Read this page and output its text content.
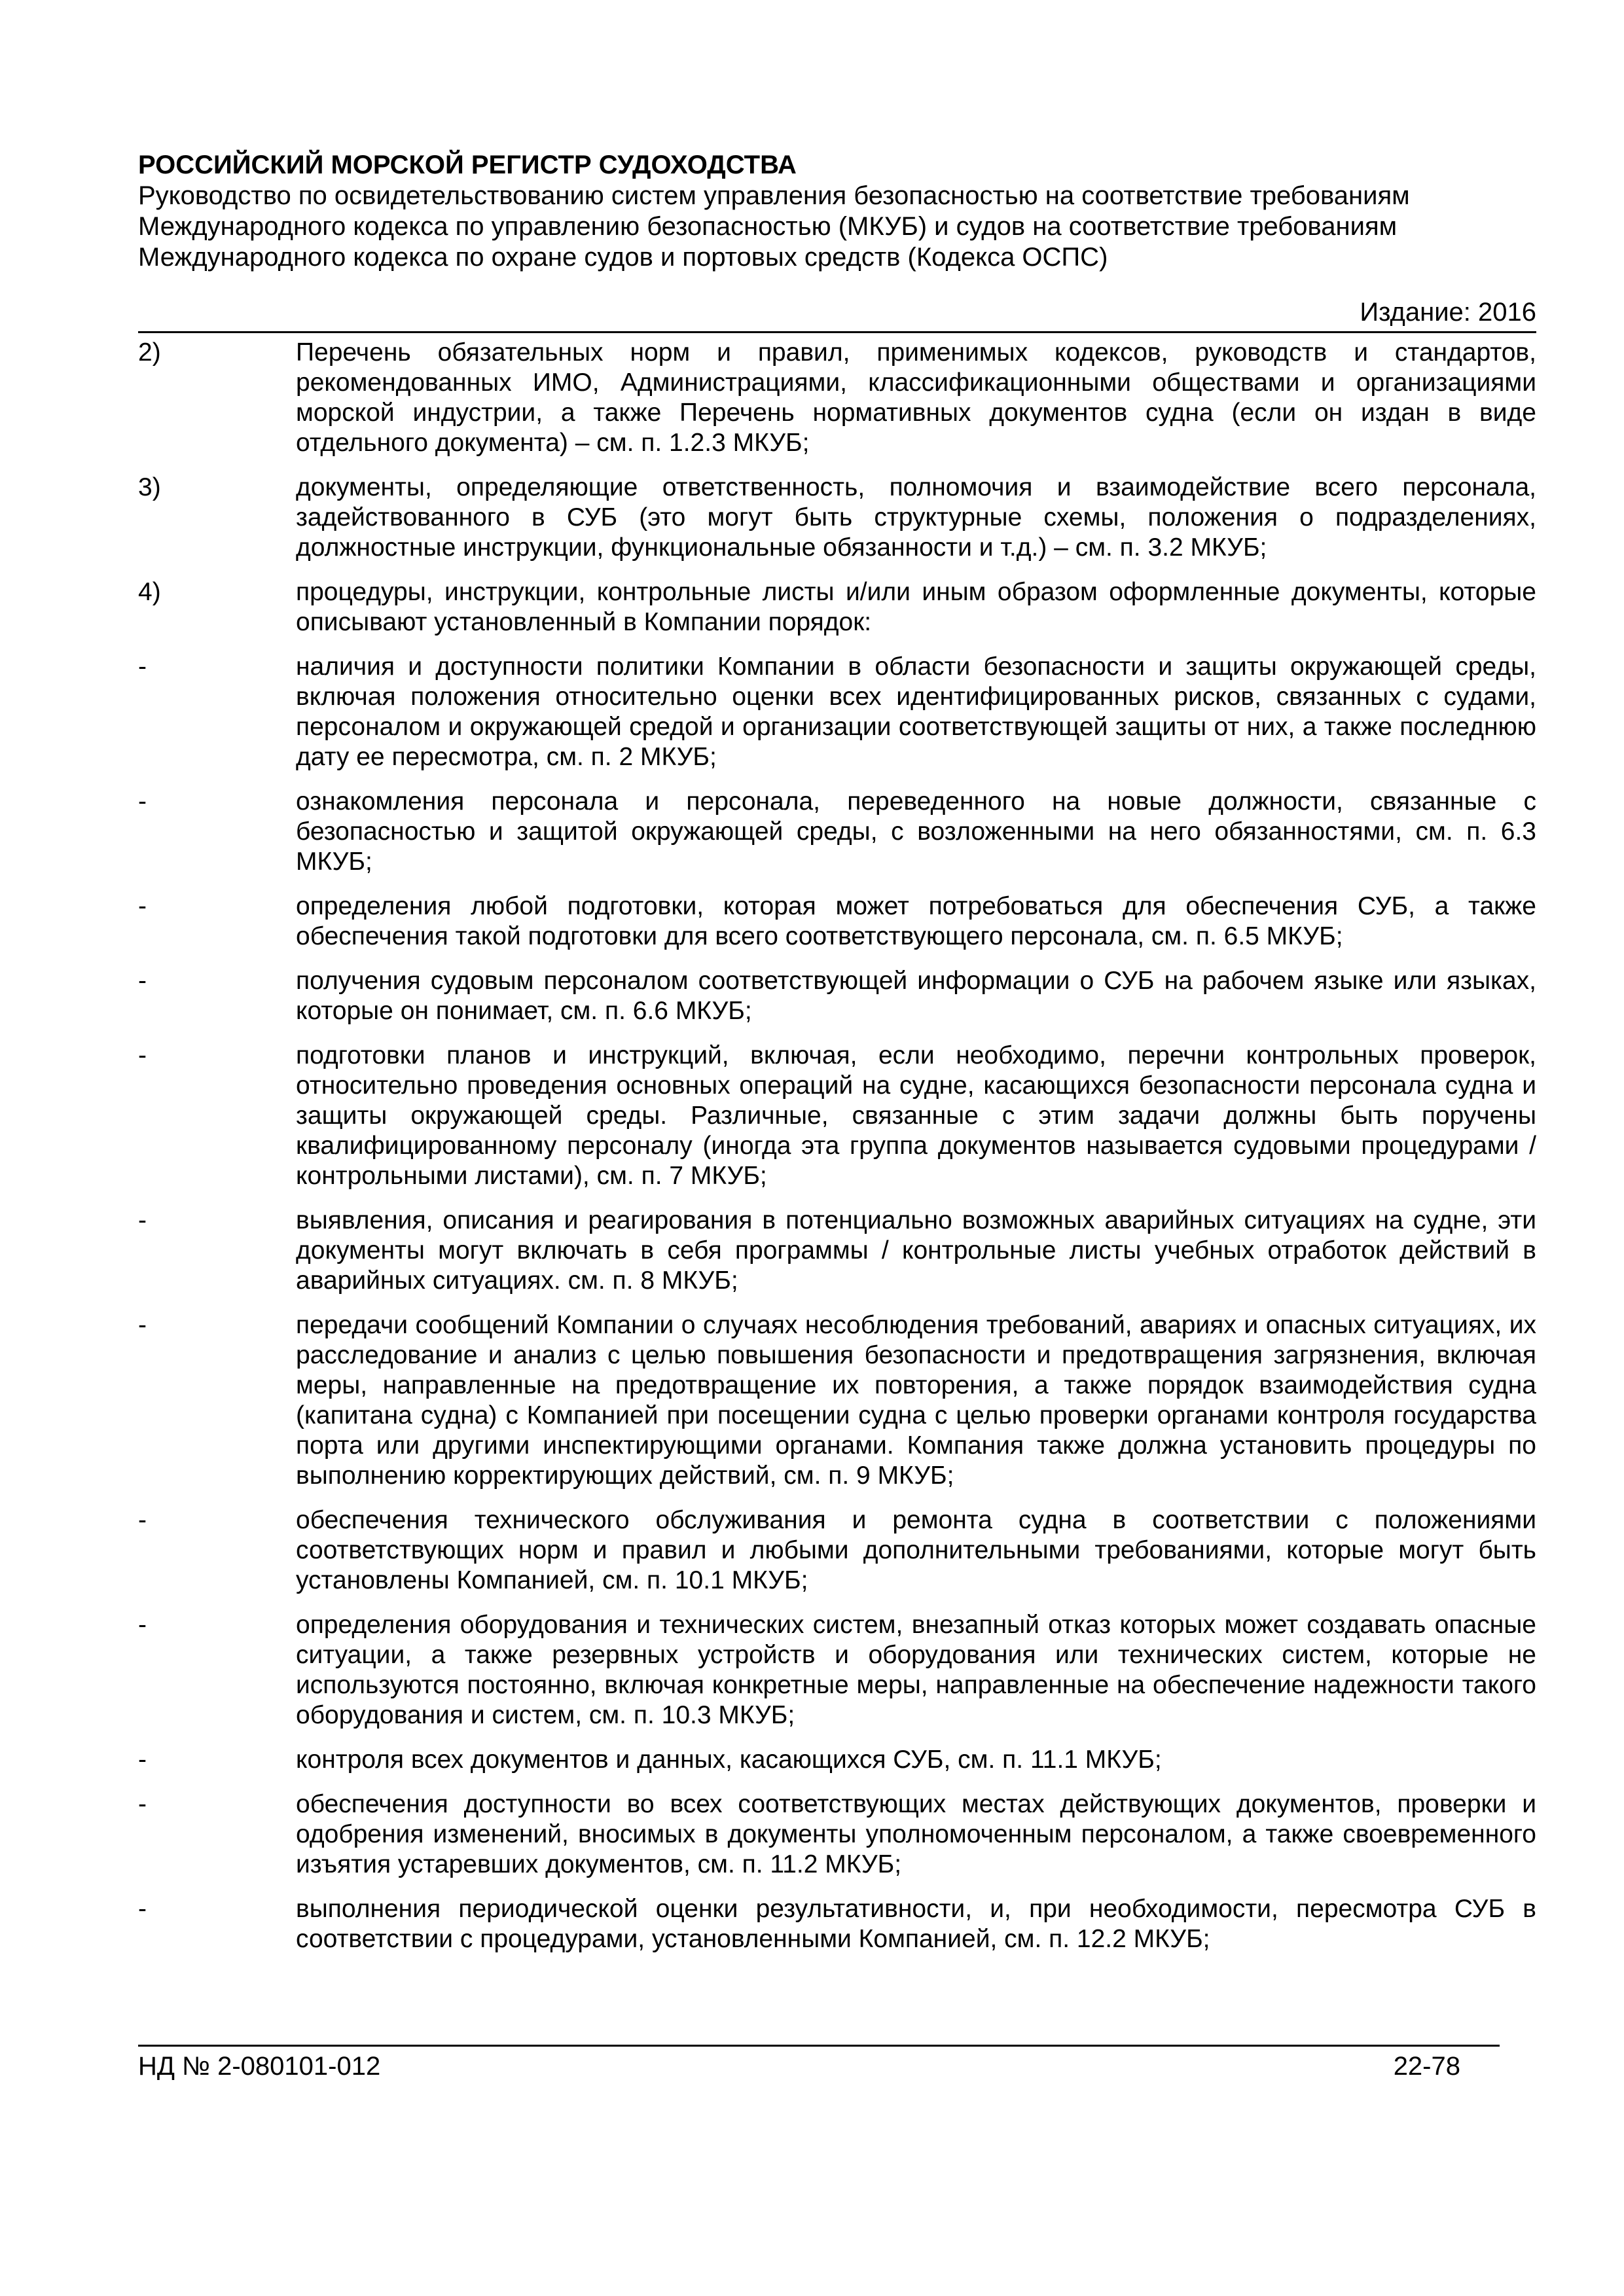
РОССИЙСКИЙ МОРСКОЙ РЕГИСТР СУДОХОДСТВА

Руководство по освидетельствованию систем управления безопасностью на соответствие требованиям

Международного кодекса по управлению безопасностью (МКУБ) и судов на соответствие требованиям

Международного кодекса по охране судов и портовых средств (Кодекса ОСПС)

Издание: 2016
2)	Перечень обязательных норм и правил, применимых кодексов, руководств и стандартов, рекомендованных ИМО, Администрациями, классификационными обществами и организациями морской индустрии, а также Перечень нормативных документов судна (если он издан в виде отдельного документа) – см. п. 1.2.3 МКУБ;
3)	документы, определяющие ответственность, полномочия и взаимодействие всего персонала, задействованного в СУБ (это могут быть структурные схемы, положения о подразделениях, должностные инструкции, функциональные обязанности и т.д.) – см. п. 3.2 МКУБ;
4)	процедуры, инструкции, контрольные листы и/или иным образом оформленные документы, которые описывают установленный в Компании порядок:
-	наличия и доступности политики Компании в области безопасности и защиты окружающей среды, включая положения относительно оценки всех идентифицированных рисков, связанных с судами, персоналом и окружающей средой и организации соответствующей защиты от них, а также последнюю дату ее пересмотра, см. п. 2 МКУБ;
-	ознакомления персонала и персонала, переведенного на новые должности, связанные с безопасностью и защитой окружающей среды, с возложенными на него обязанностями, см. п. 6.3 МКУБ;
-	определения любой подготовки, которая может потребоваться для обеспечения СУБ, а также обеспечения такой подготовки для всего соответствующего персонала, см. п. 6.5 МКУБ;
-	получения судовым персоналом соответствующей информации о СУБ на рабочем языке или языках, которые он понимает, см. п. 6.6 МКУБ;
-	подготовки планов и инструкций, включая, если необходимо, перечни контрольных проверок, относительно проведения основных операций на судне, касающихся безопасности персонала судна и защиты окружающей среды. Различные, связанные с этим задачи должны быть поручены квалифицированному персоналу (иногда эта группа документов называется судовыми процедурами / контрольными листами), см. п. 7 МКУБ;
-	выявления, описания и реагирования в потенциально возможных аварийных ситуациях на судне, эти документы могут включать в себя программы / контрольные листы учебных отработок действий в аварийных ситуациях. см. п. 8 МКУБ;
-	передачи сообщений Компании о случаях несоблюдения требований, авариях и опасных ситуациях, их расследование и анализ с целью повышения безопасности и предотвращения загрязнения, включая меры, направленные на предотвращение их повторения, а также порядок взаимодействия судна (капитана судна) с Компанией при посещении судна с целью проверки органами контроля государства порта или другими инспектирующими органами. Компания также должна установить процедуры по выполнению корректирующих действий, см. п. 9 МКУБ;
-	обеспечения технического обслуживания и ремонта судна в соответствии с положениями соответствующих норм и правил и любыми дополнительными требованиями, которые могут быть установлены Компанией, см. п. 10.1 МКУБ;
-	определения оборудования и технических систем, внезапный отказ которых может создавать опасные ситуации, а также резервных устройств и оборудования или технических систем, которые не используются постоянно, включая конкретные меры, направленные на обеспечение надежности такого оборудования и систем, см. п. 10.3 МКУБ;
-	контроля всех документов и данных, касающихся СУБ, см. п. 11.1 МКУБ;
-	обеспечения доступности во всех соответствующих местах действующих документов, проверки и одобрения изменений, вносимых в документы уполномоченным персоналом, а также своевременного изъятия устаревших документов, см. п. 11.2 МКУБ;
-	выполнения периодической оценки результативности, и, при необходимости, пересмотра СУБ в соответствии с процедурами, установленными Компанией, см. п. 12.2 МКУБ;
НД № 2-080101-012	22-78
